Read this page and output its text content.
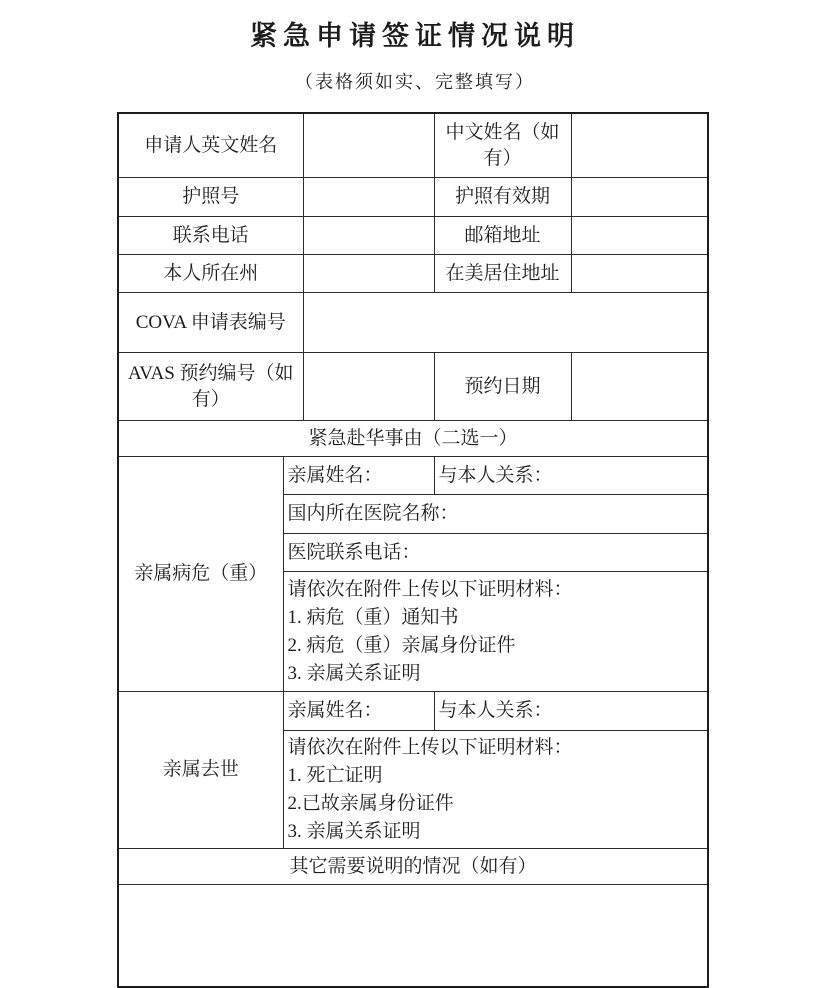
紧急申请签证情况说明
（表格须如实、完整填写）
申请人英文姓名			中文姓名（如有）	
护照号			护照有效期	
联系电话			邮箱地址	
本人所在州			在美居住地址	
COVA 申请表编号				
AVAS 预约编号（如有）			预约日期	
紧急赴华事由（二选一）				
亲属病危（重）	亲属姓名：		与本人关系：	
	国内所在医院名称：			
	医院联系电话：			

	请依次在附件上传以下证明材料：
1. 病危（重）通知书
2. 病危（重）亲属身份证件
3. 亲属关系证明			

亲属去世	亲属姓名：		与本人关系：	

	请依次在附件上传以下证明材料：
1. 死亡证明
2.已故亲属身份证件
3. 亲属关系证明			

其它需要说明的情况（如有）				
